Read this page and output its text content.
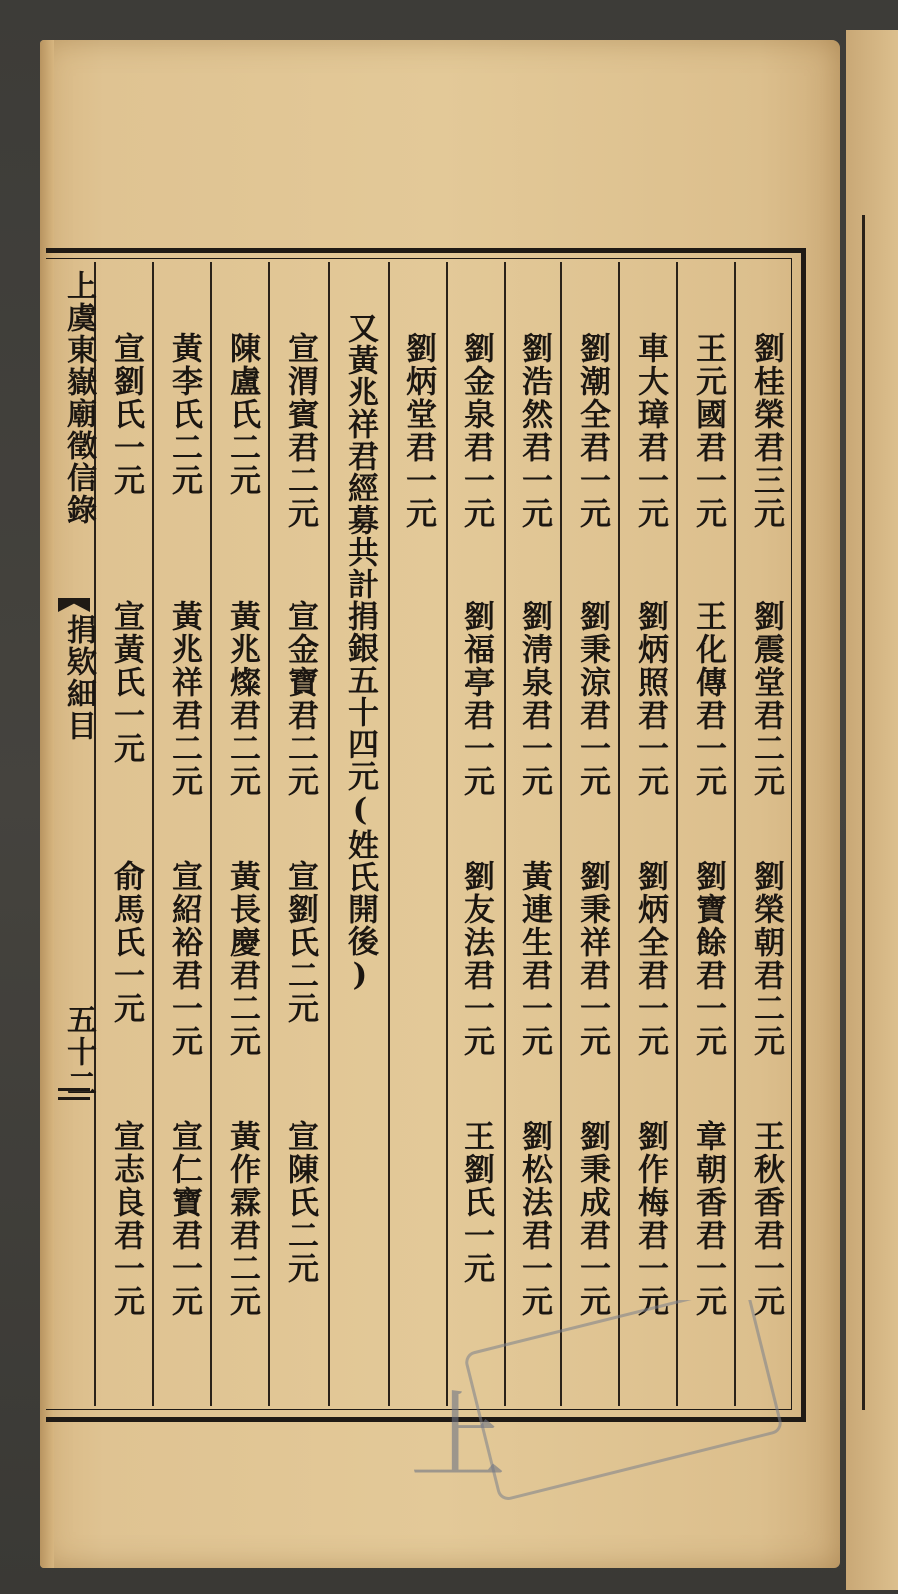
上虞東嶽廟徵信錄
捐欵細目
五十二
劉桂榮君三元
劉震堂君二元
劉榮朝君二元
王秋香君一元
王元國君一元
王化傳君一元
劉寶餘君一元
章朝香君一元
車大璋君一元
劉炳照君一元
劉炳全君一元
劉作梅君一元
劉潮全君一元
劉秉涼君一元
劉秉祥君一元
劉秉成君一元
劉浩然君一元
劉淸泉君一元
黃連生君一元
劉松法君一元
劉金泉君一元
劉福亭君一元
劉友法君一元
王劉氏一元
劉炳堂君一元
又黃兆祥君經募共計捐銀五十四元(姓氏開後)
宣渭賓君二元
宣金寶君二元
宣劉氏二元
宣陳氏二元
陳盧氏二元
黃兆燦君二元
黃長慶君二元
黃作霖君二元
黃李氏二元
黃兆祥君二元
宣紹裕君一元
宣仁寶君一元
宣劉氏一元
宣黃氏一元
俞馬氏一元
宣志良君一元
上
